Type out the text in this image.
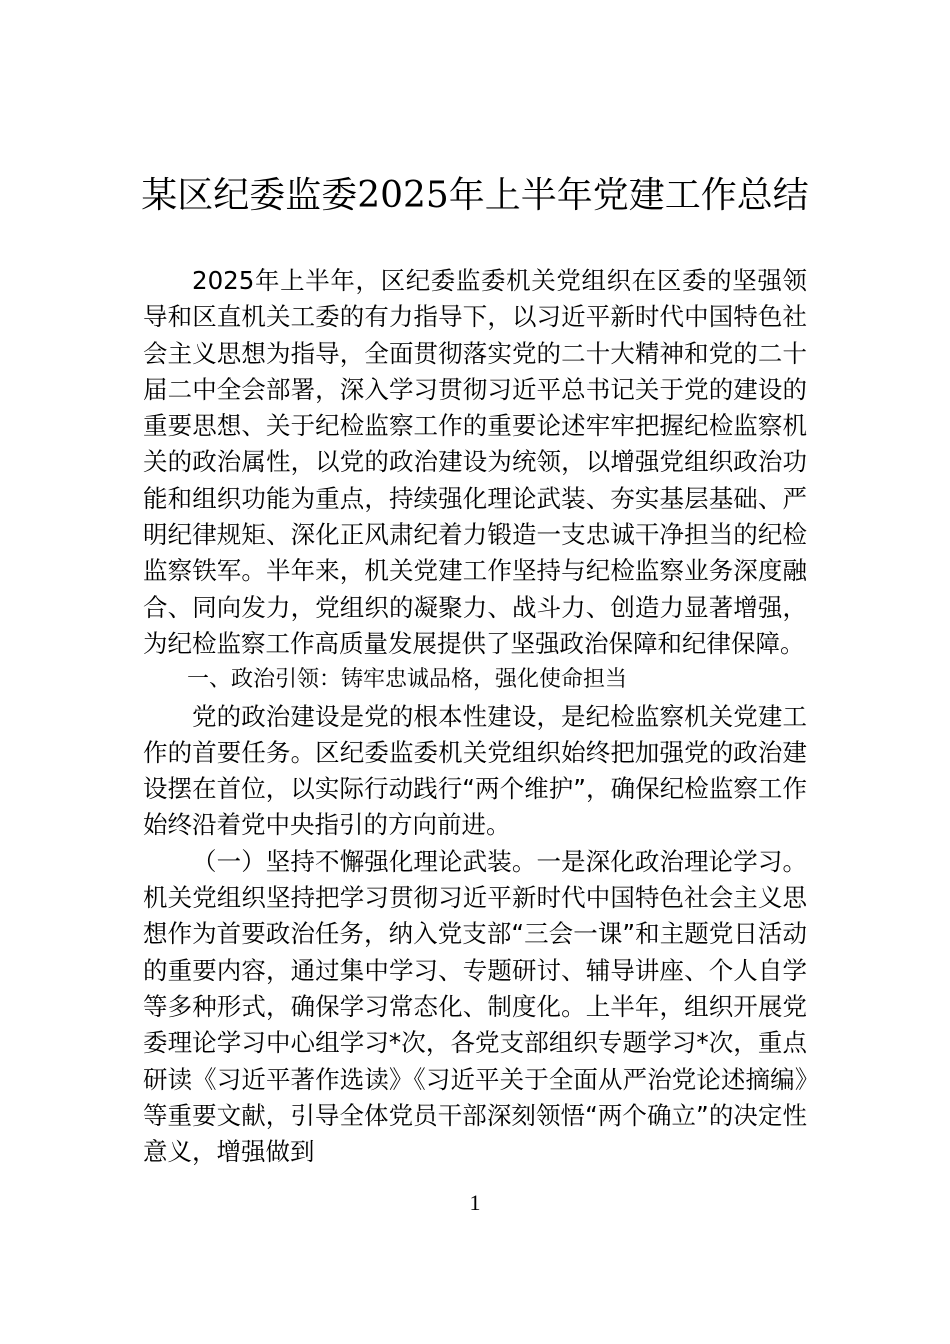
某区纪委监委2025年上半年党建工作总结

2025年上半年，区纪委监委机关党组织在区委的坚强领导和区直机关工委的有力指导下，以习近平新时代中国特色社会主义思想为指导，全面贯彻落实党的二十大精神和党的二十届二中全会部署，深入学习贯彻习近平总书记关于党的建设的重要思想、关于纪检监察工作的重要论述牢牢把握纪检监察机关的政治属性，以党的政治建设为统领，以增强党组织政治功能和组织功能为重点，持续强化理论武装、夯实基层基础、严明纪律规矩、深化正风肃纪着力锻造一支忠诚干净担当的纪检监察铁军。半年来，机关党建工作坚持与纪检监察业务深度融合、同向发力，党组织的凝聚力、战斗力、创造力显著增强，为纪检监察工作高质量发展提供了坚强政治保障和纪律保障。

一、政治引领：铸牢忠诚品格，强化使命担当

党的政治建设是党的根本性建设，是纪检监察机关党建工作的首要任务。区纪委监委机关党组织始终把加强党的政治建设摆在首位，以实际行动践行“两个维护”，确保纪检监察工作始终沿着党中央指引的方向前进。

（一）坚持不懈强化理论武装。一是深化政治理论学习。机关党组织坚持把学习贯彻习近平新时代中国特色社会主义思想作为首要政治任务，纳入党支部“三会一课”和主题党日活动的重要内容，通过集中学习、专题研讨、辅导讲座、个人自学等多种形式，确保学习常态化、制度化。上半年，组织开展党委理论学习中心组学习*次，各党支部组织专题学习*次，重点研读《习近平著作选读》《习近平关于全面从严治党论述摘编》等重要文献，引导全体党员干部深刻领悟“两个确立”的决定性意义，增强做到

1
